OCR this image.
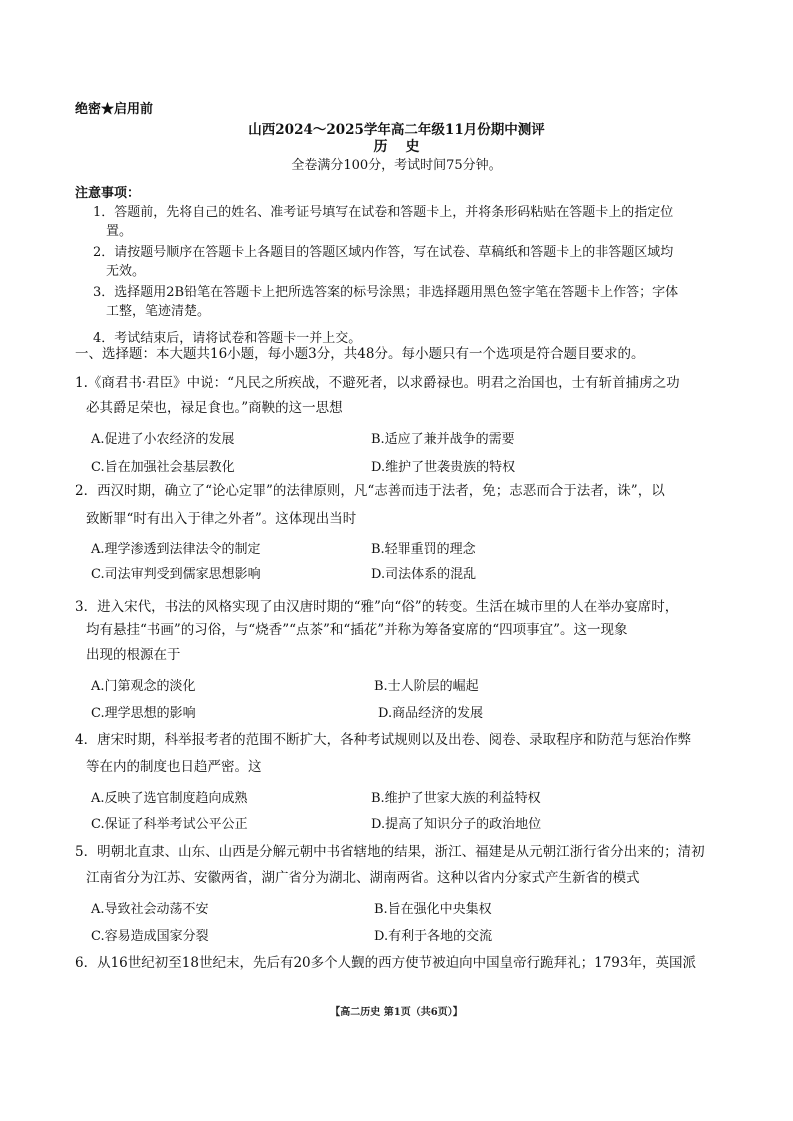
绝密★启用前
山西2024～2025学年高二年级11月份期中测评
历史
全卷满分100分，考试时间75分钟。
注意事项：
1．答题前，先将自己的姓名、准考证号填写在试卷和答题卡上，并将条形码粘贴在答题卡上的指定位
置。
2．请按题号顺序在答题卡上各题目的答题区域内作答，写在试卷、草稿纸和答题卡上的非答题区域均
无效。
3．选择题用2B铅笔在答题卡上把所选答案的标号涂黑；非选择题用黑色签字笔在答题卡上作答；字体
工整，笔迹清楚。
4．考试结束后，请将试卷和答题卡一并上交。
一、选择题：本大题共16小题，每小题3分，共48分。每小题只有一个选项是符合题目要求的。
1.《商君书·君臣》中说：“凡民之所疾战，不避死者，以求爵禄也。明君之治国也，士有斩首捕虏之功
必其爵足荣也，禄足食也。”商鞅的这一思想
A.促进了小农经济的发展	B.适应了兼并战争的需要
C.旨在加强社会基层教化	D.维护了世袭贵族的特权
2．西汉时期，确立了“论心定罪”的法律原则，凡“志善而违于法者，免；志恶而合于法者，诛”，以
致断罪“时有出入于律之外者”。这体现出当时
A.理学渗透到法律法令的制定	B.轻罪重罚的理念
C.司法审判受到儒家思想影响	D.司法体系的混乱
3．进入宋代，书法的风格实现了由汉唐时期的“雅”向“俗”的转变。生活在城市里的人在举办宴席时，
均有悬挂“书画”的习俗，与“烧香”“点茶”和“插花”并称为筹备宴席的“四项事宜”。这一现象
出现的根源在于
A.门第观念的淡化	B.士人阶层的崛起
C.理学思想的影响	D.商品经济的发展
4．唐宋时期，科举报考者的范围不断扩大，各种考试规则以及出卷、阅卷、录取程序和防范与惩治作弊
等在内的制度也日趋严密。这
A.反映了选官制度趋向成熟	B.维护了世家大族的利益特权
C.保证了科举考试公平公正	D.提高了知识分子的政治地位
5．明朝北直隶、山东、山西是分解元朝中书省辖地的结果，浙江、福建是从元朝江浙行省分出来的；清初
江南省分为江苏、安徽两省，湖广省分为湖北、湖南两省。这种以省内分家式产生新省的模式
A.导致社会动荡不安	B.旨在强化中央集权
C.容易造成国家分裂	D.有利于各地的交流
6．从16世纪初至18世纪末，先后有20多个人觐的西方使节被迫向中国皇帝行跪拜礼；1793年，英国派
【高二历史 第1页（共6页）】
